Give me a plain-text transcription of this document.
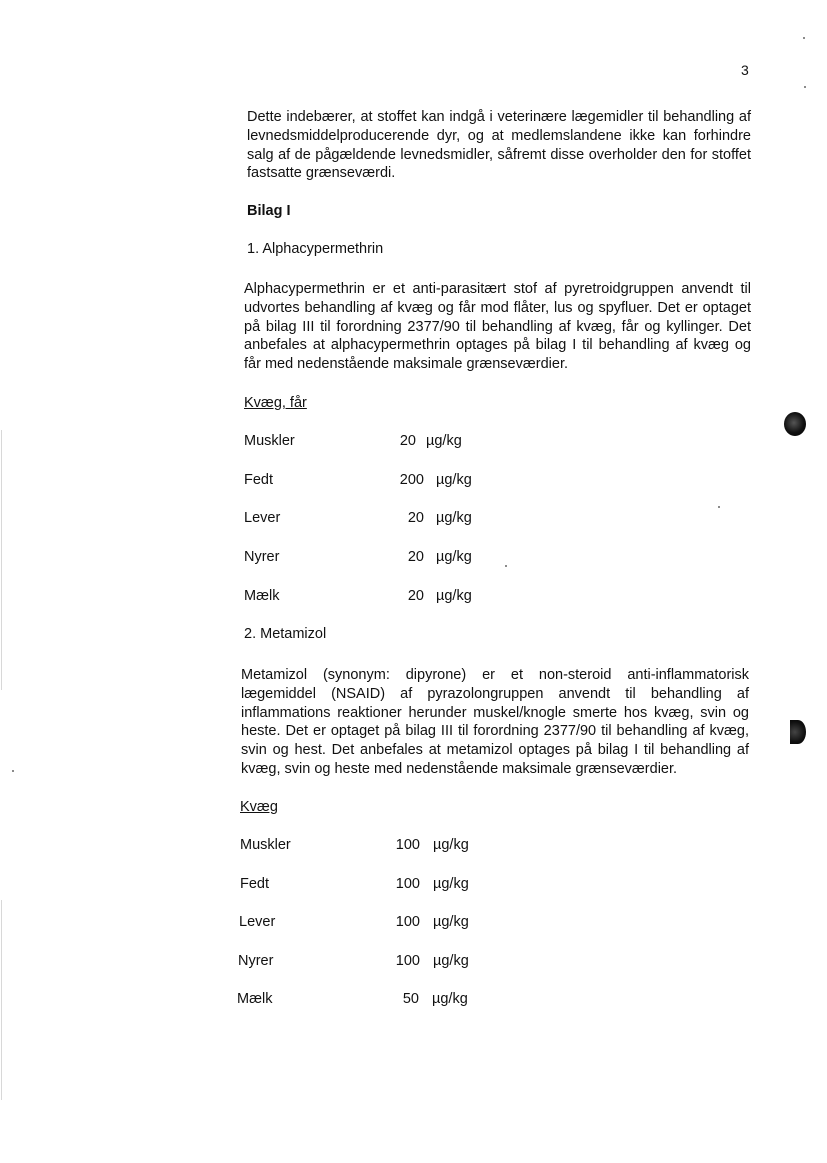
3

Dette indebærer, at stoffet kan indgå i veterinære lægemidler til behandling af levnedsmiddelproducerende dyr, og at medlemslandene ikke kan forhindre salg af de pågældende levnedsmidler, såfremt disse overholder den for stoffet fastsatte grænseværdi.

Bilag I
1. Alphacypermethrin

Alphacypermethrin er et anti-parasitært stof af pyretroidgruppen anvendt til udvortes behandling af kvæg og får mod flåter, lus og spyfluer. Det er optaget på bilag III til forordning 2377/90 til behandling af kvæg, får og kyllinger. Det anbefales at alphacypermethrin optages på bilag I til behandling af kvæg og får med nedenstående maksimale grænseværdier.

Kvæg, får
Muskler	20 µg/kg
Fedt	200 µg/kg
Lever	20 µg/kg
Nyrer	20 µg/kg
Mælk	20 µg/kg
2. Metamizol

Metamizol (synonym: dipyrone) er et non-steroid anti-inflammatorisk lægemiddel (NSAID) af pyrazolongruppen anvendt til behandling af inflammations reaktioner herunder muskel/knogle smerte hos kvæg, svin og heste. Det er optaget på bilag III til forordning 2377/90 til behandling af kvæg, svin og hest. Det anbefales at metamizol optages på bilag I til behandling af kvæg, svin og heste med nedenstående maksimale grænseværdier.

Kvæg
Muskler	100 µg/kg
Fedt	100 µg/kg
Lever	100 µg/kg
Nyrer	100 µg/kg
Mælk	50 µg/kg
